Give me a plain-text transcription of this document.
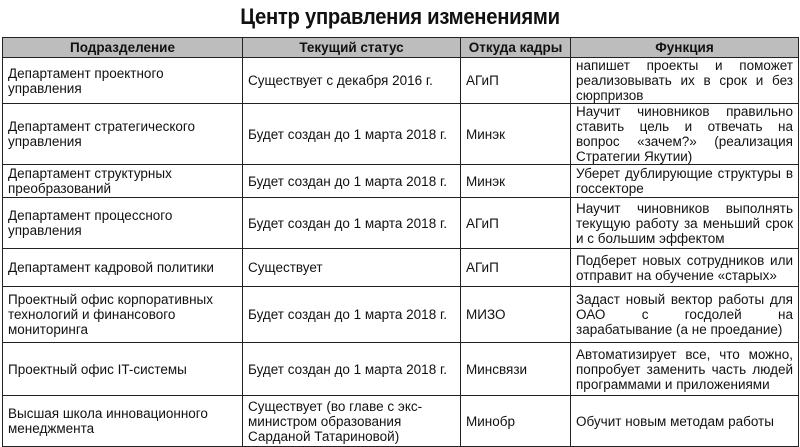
Центр управления изменениями
Подразделение	Текущий статус	Откуда кадры	Функция
Департамент проектного управления	Существует с декабря 2016 г.	АГиП	напишет проекты и поможет реализовывать их в срок и без сюрпризов
Департамент стратегического управления	Будет создан до 1 марта 2018 г.	Минэк	Научит чиновников правильно ставить цель и отвечать на вопрос «зачем?» (реализация Стратегии Якутии)
Департамент структурных преобразований	Будет создан до 1 марта 2018 г.	Минэк	Уберет дублирующие структуры в госсекторе
Департамент процессного управления	Будет создан до 1 марта 2018 г.	АГиП	Научит чиновников выполнять текущую работу за меньший срок и с большим эффектом
Департамент кадровой политики	Существует	АГиП	Подберет новых сотрудников или отправит на обучение «старых»
Проектный офис корпоративных технологий и финансового мониторинга	Будет создан до 1 марта 2018 г.	МИЗО	Задаст новый вектор работы для ОАО с госдолей на зарабатывание (а не проедание)
Проектный офис IT-системы	Будет создан до 1 марта 2018 г.	Минсвязи	Автоматизирует все, что можно, попробует заменить часть людей программами и приложениями
Высшая школа инновационного менеджмента	Существует (во главе с экс-министром образования Сарданой Татариновой)	Минобр	Обучит новым методам работы
